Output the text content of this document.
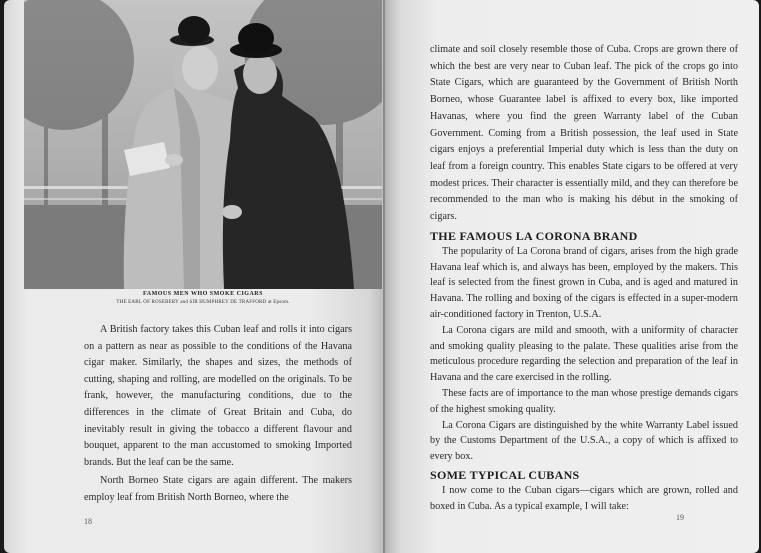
FAMOUS MEN WHO SMOKE CIGARS
THE EARL OF ROSEBERY and SIR HUMPHREY DE TRAFFORD at Epsom.

A British factory takes this Cuban leaf and rolls it into cigars on a pattern as near as possible to the conditions of the Havana cigar maker. Similarly, the shapes and sizes, the methods of cutting, shaping and rolling, are modelled on the originals. To be frank, however, the manufacturing conditions, due to the differences in the climate of Great Britain and Cuba, do inevitably result in giving the tobacco a different flavour and bouquet, apparent to the man accustomed to smoking Imported brands. But the leaf can be the same.

North Borneo State cigars are again different. The makers employ leaf from British North Borneo, where the

18

climate and soil closely resemble those of Cuba. Crops are grown there of which the best are very near to Cuban leaf. The pick of the crops go into State Cigars, which are guaranteed by the Government of British North Borneo, whose Guarantee label is affixed to every box, like imported Havanas, where you find the green Warranty label of the Cuban Government. Coming from a British possession, the leaf used in State cigars enjoys a preferential Imperial duty which is less than the duty on leaf from a foreign country. This enables State cigars to be offered at very modest prices. Their character is essentially mild, and they can therefore be recommended to the man who is making his début in the smoking of cigars.

THE FAMOUS LA CORONA BRAND

The popularity of La Corona brand of cigars, arises from the high grade Havana leaf which is, and always has been, employed by the makers. This leaf is selected from the finest grown in Cuba, and is aged and matured in Havana. The rolling and boxing of the cigars is effected in a super-modern air-conditioned factory in Trenton, U.S.A.

La Corona cigars are mild and smooth, with a uniformity of character and smoking quality pleasing to the palate. These qualities arise from the meticulous procedure regarding the selection and preparation of the leaf in Havana and the care exercised in the rolling.

These facts are of importance to the man whose prestige demands cigars of the highest smoking quality.

La Corona Cigars are distinguished by the white Warranty Label issued by the Customs Department of the U.S.A., a copy of which is affixed to every box.

SOME TYPICAL CUBANS

I now come to the Cuban cigars—cigars which are grown, rolled and boxed in Cuba. As a typical example, I will take:

19
